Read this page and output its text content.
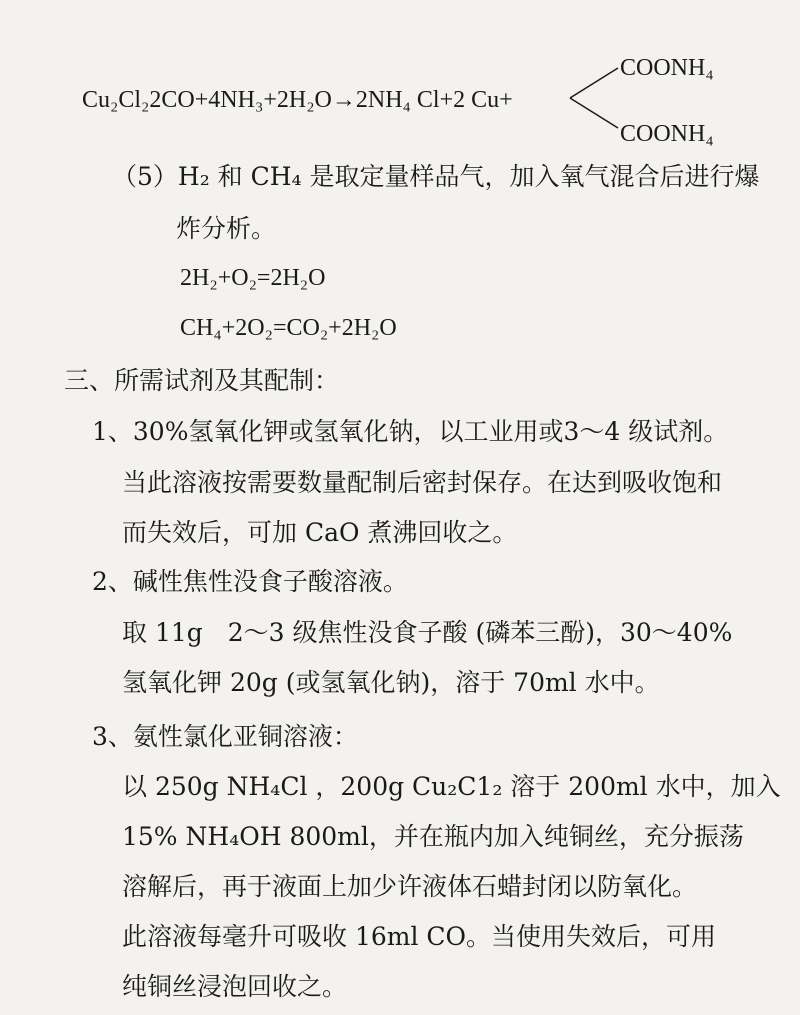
Cu₂Cl₂2CO+4NH₃+2H₂O→2NH₄ Cl+2 Cu+
COONH₄
COONH₄
（5）H₂ 和 CH₄ 是取定量样品气，加入氧气混合后进行爆
炸分析。
2H₂+O₂=2H₂O
CH₄+2O₂=CO₂+2H₂O
三、所需试剂及其配制：
1、30%氢氧化钾或氢氧化钠，以工业用或3～4 级试剂。
当此溶液按需要数量配制后密封保存。在达到吸收饱和
而失效后，可加 CaO 煮沸回收之。
2、碱性焦性没食子酸溶液。
取 11g　2～3 级焦性没食子酸 (磷苯三酚)，30～40%
氢氧化钾 20g (或氢氧化钠)，溶于 70ml 水中。
3、氨性氯化亚铜溶液：
以 250g NH₄Cl ，200g Cu₂C1₂ 溶于 200ml 水中，加入
15% NH₄OH 800ml，并在瓶内加入纯铜丝，充分振荡
溶解后，再于液面上加少许液体石蜡封闭以防氧化。
此溶液每毫升可吸收 16ml CO。当使用失效后，可用
纯铜丝浸泡回收之。
